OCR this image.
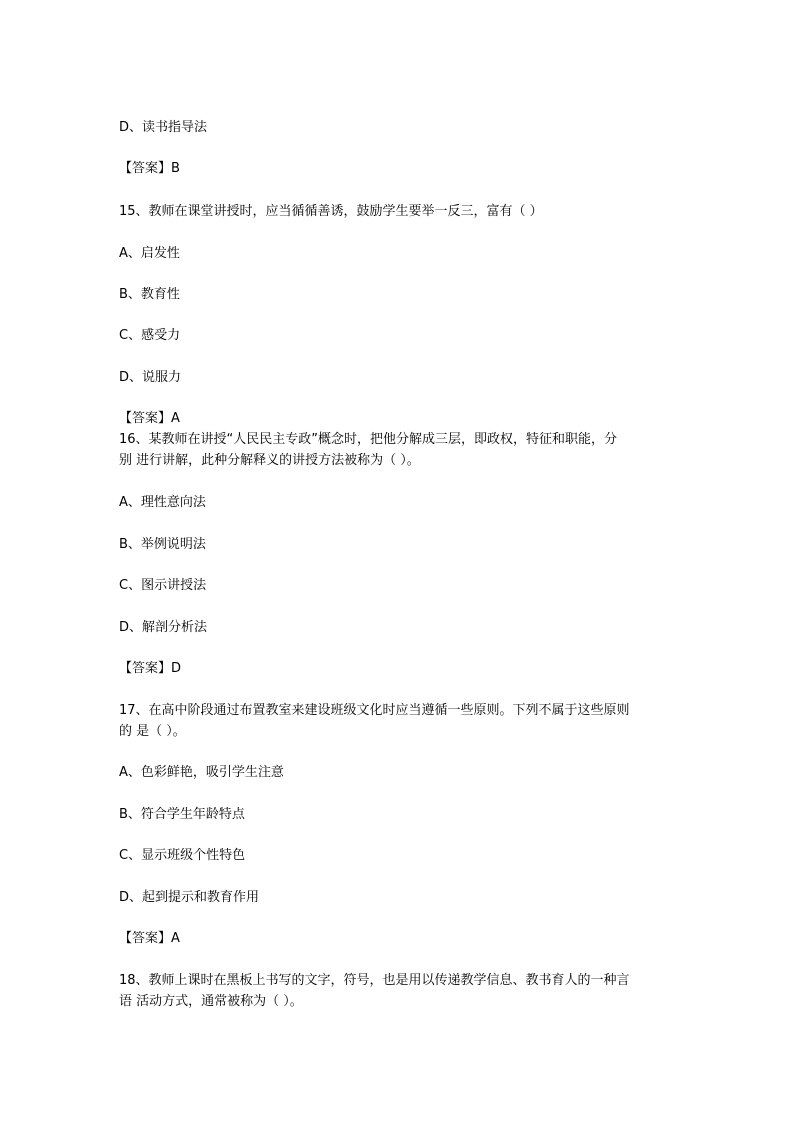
D、读书指导法
【答案】B
15、教师在课堂讲授时，应当循循善诱，鼓励学生要举一反三，富有（ ）
A、启发性
B、教育性
C、感受力
D、说服力
【答案】A
16、某教师在讲授“人民民主专政”概念时，把他分解成三层，即政权，特征和职能，分
别 进行讲解，此种分解释义的讲授方法被称为（ ）。
A、理性意向法
B、举例说明法
C、图示讲授法
D、解剖分析法
【答案】D
17、在高中阶段通过布置教室来建设班级文化时应当遵循一些原则。下列不属于这些原则
的 是（ ）。
A、色彩鲜艳，吸引学生注意
B、符合学生年龄特点
C、显示班级个性特色
D、起到提示和教育作用
【答案】A
18、教师上课时在黑板上书写的文字，符号，也是用以传递教学信息、教书育人的一种言
语 活动方式，通常被称为（ ）。
